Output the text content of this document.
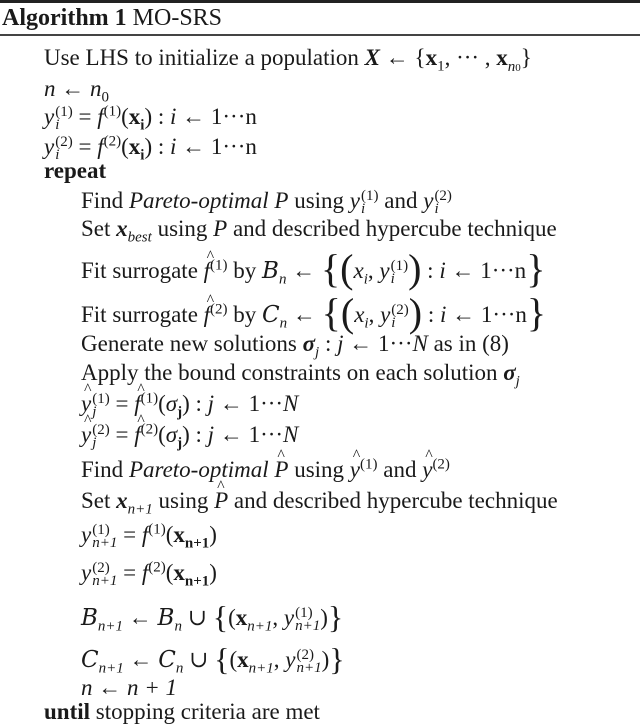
Algorithm 1 MO-SRS
Use LHS to initialize a population X ← {$x_1$, ··· , $x_{n0}$}
n ← $n_0$
y (1)
$i = f^{(1)}(x_i)$ : i ← 1···n
y (2)
$i = f^{(2)}(x_i)$ : i ← 1···n
repeat
Find Pareto-optimal P using y (1)
i and y (2)
i
Set $x_{best}$ using P and described hypercube technique
Fit surrogate ^ $f^{(1)}$ by $B_n$ ← {($x_i$, y (1)
i ) : i ← 1···n}
Fit surrogate ^ $f^{(2)}$ by $C_n$ ← {($x_i$, y (2)
i ) : i ← 1···n}
Generate new solutions $\sigma_j$ : j ← 1···N as in (8)
Apply the bound constraints on each solution $\sigma_j$
^ y (1)
j = ^ $f^{(1)}(\sigma_j)$ : j ← 1···N
^ y (2)
j = ^ $f^{(2)}(\sigma_j)$ : j ← 1···N
Find Pareto-optimal ^ P using ^ $y^{(1)}$ and ^ $y^{(2)}$
Set $x_{n+1}$ using ^ P and described hypercube technique
y (1)
$n+1 = f^{(1)}(x_{n+1})$
y (2)
$n+1 = f^{(2)}(x_{n+1})$
$B_{n+1}$ ← $B_n$ ∪ {($x_{n+1}$, y (1)
n+1 )}
$C_{n+1}$ ← $C_n$ ∪ {($x_{n+1}$, y (2)
n+1 )}
n ← n + 1
until stopping criteria are met
